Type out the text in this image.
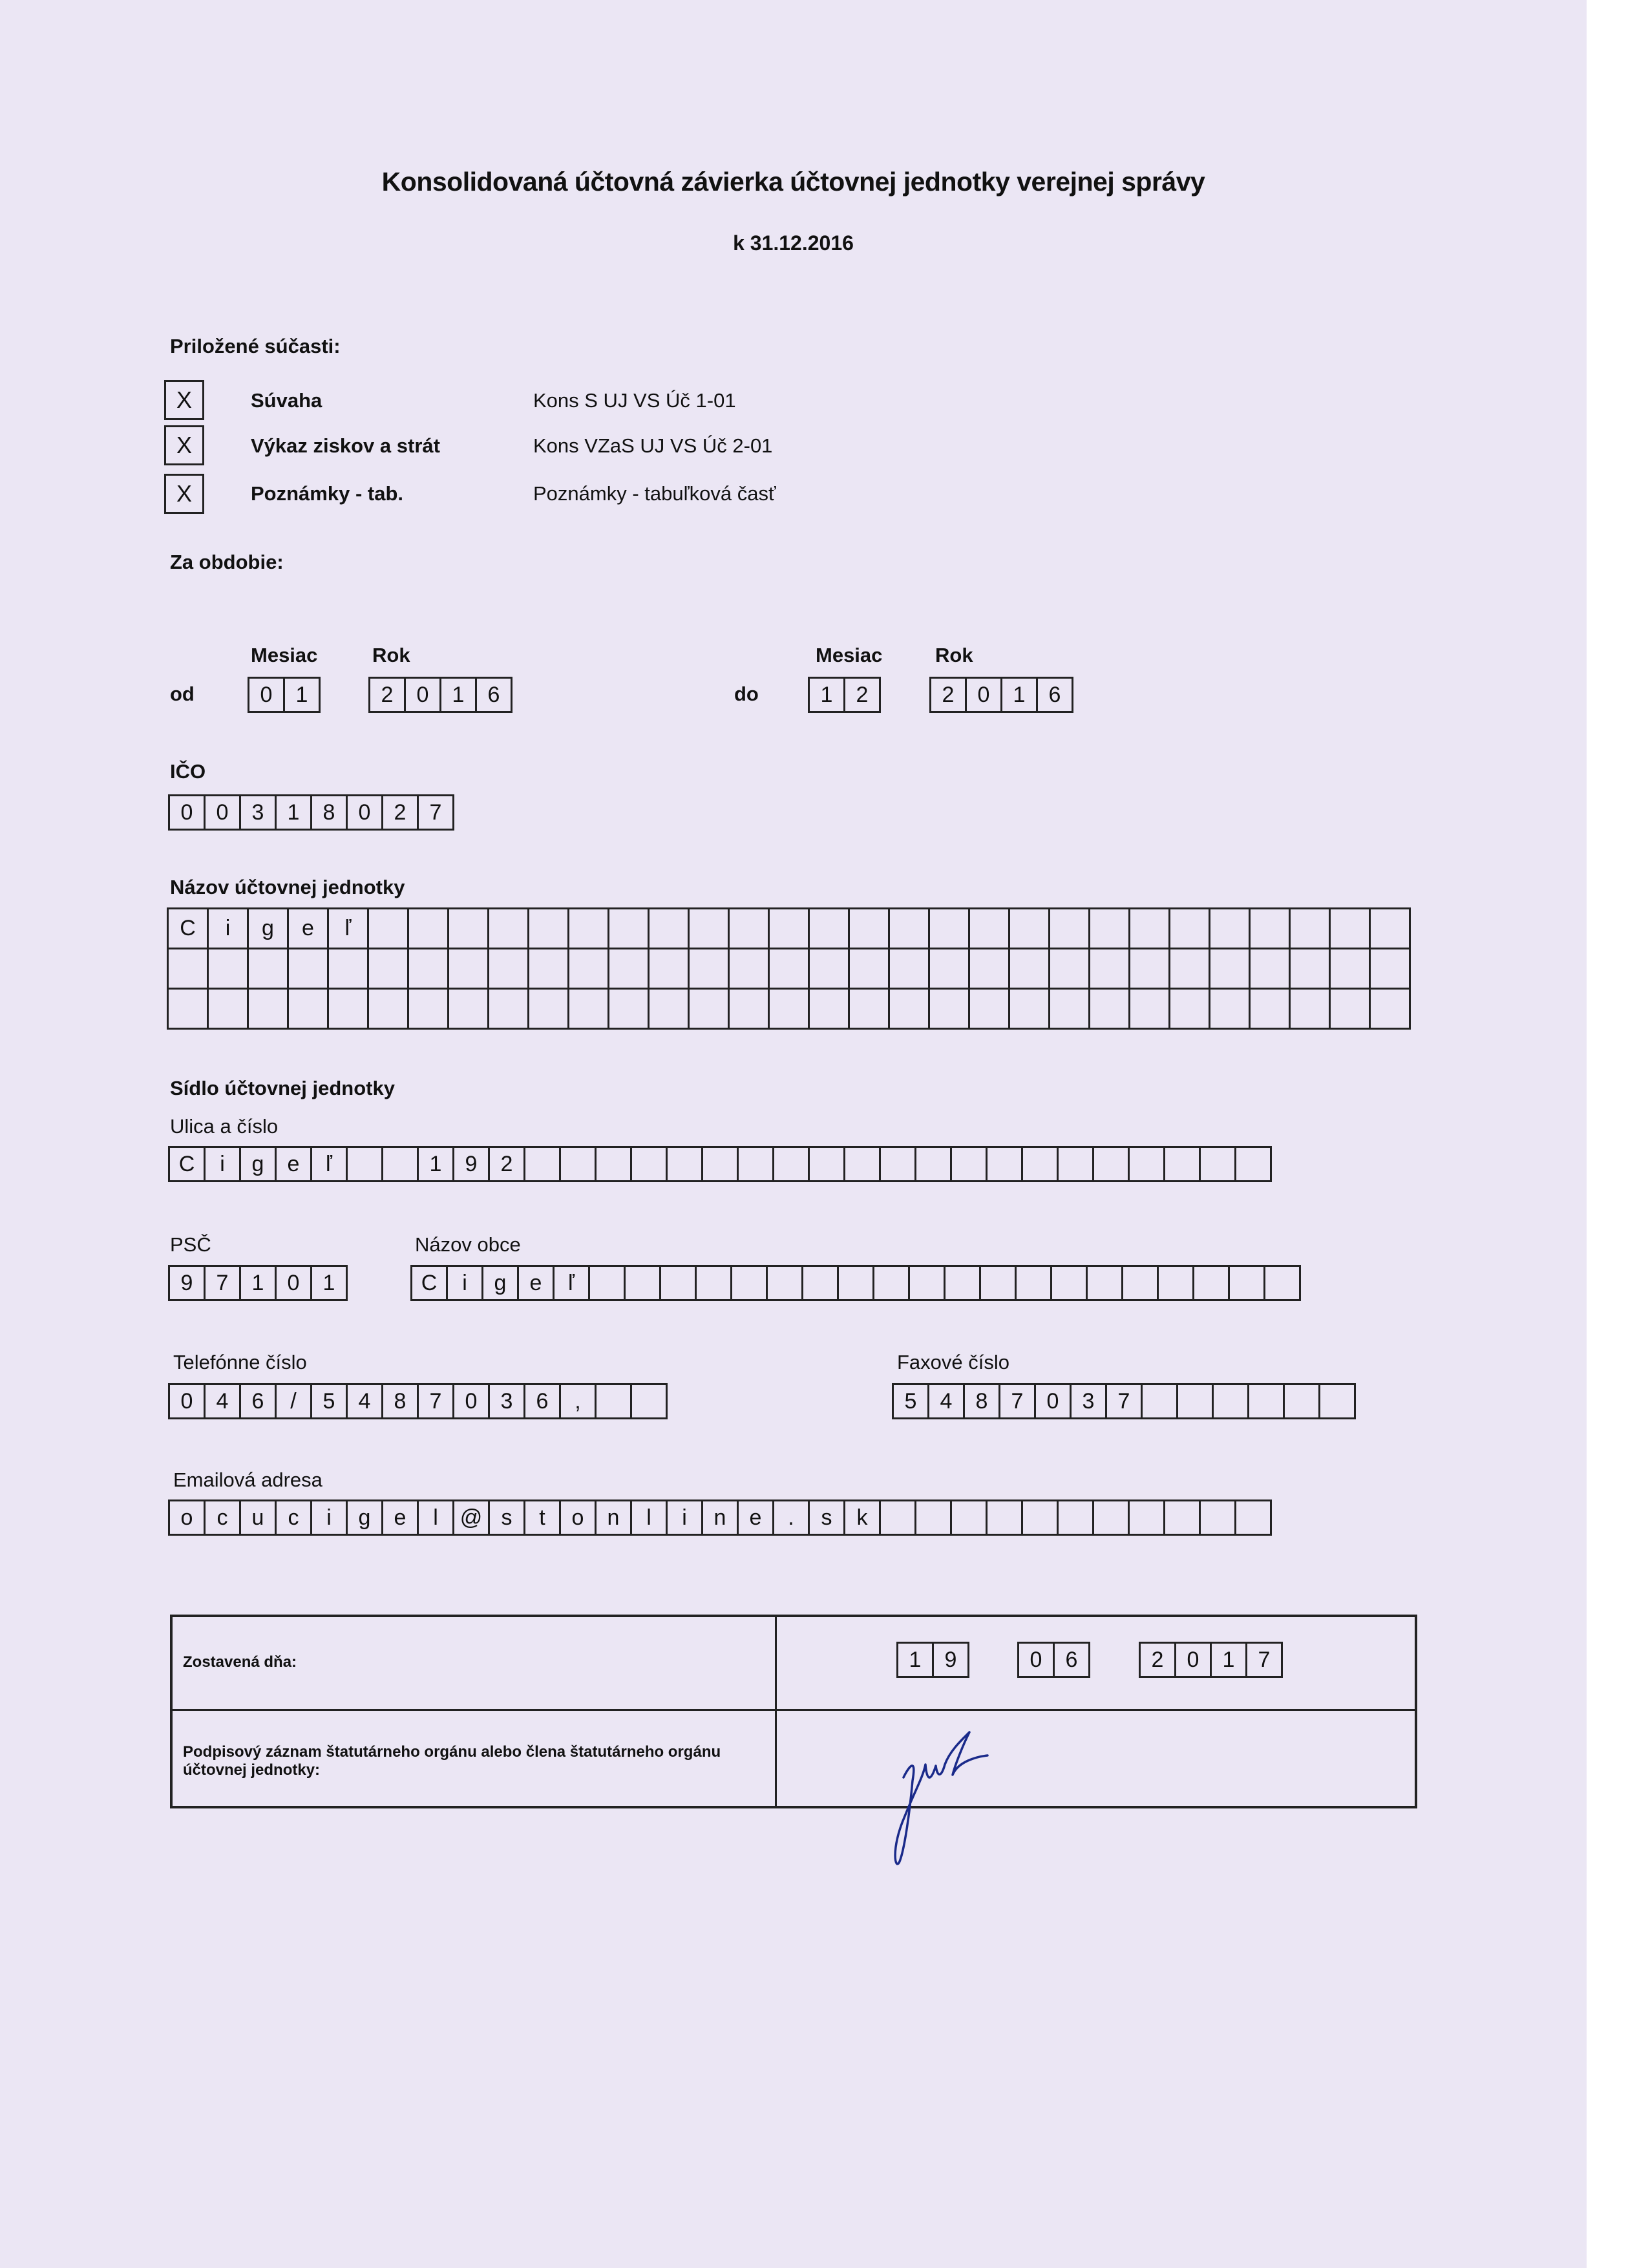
Konsolidovaná účtovná závierka účtovnej jednotky verejnej správy
k 31.12.2016
Priložené súčasti:
X	Súvaha	Kons S UJ VS Úč 1-01
X	Výkaz ziskov a strát	Kons VZaS UJ VS Úč 2-01
X	Poznámky - tab.	Poznámky - tabuľková časť
Za obdobie:
Mesiac	Rok
od	0	1	2	0	1	6
Mesiac	Rok
do	1	2	2	0	1	6
IČO
0	0	3	1	8	0	2	7
Názov účtovnej jednotky
C	i	g	e	ľ
Sídlo účtovnej jednotky
Ulica a číslo
C	i	g	e	ľ	1	9	2
PSČ
9	7	1	0	1
Názov obce
C	i	g	e	ľ
Telefónne číslo
0	4	6	/	5	4	8	7	0	3	6	,
Faxové číslo
5	4	8	7	0	3	7
Emailová adresa
o	c	u	c	i	g	e	l @ s	t	o	n	l	i	n	e	.	s	k
Zostavená dňa:	1	9	0	6	2	0	1	7
Podpisový záznam štatutárneho orgánu alebo člena štatutárneho orgánu účtovnej jednotky:
